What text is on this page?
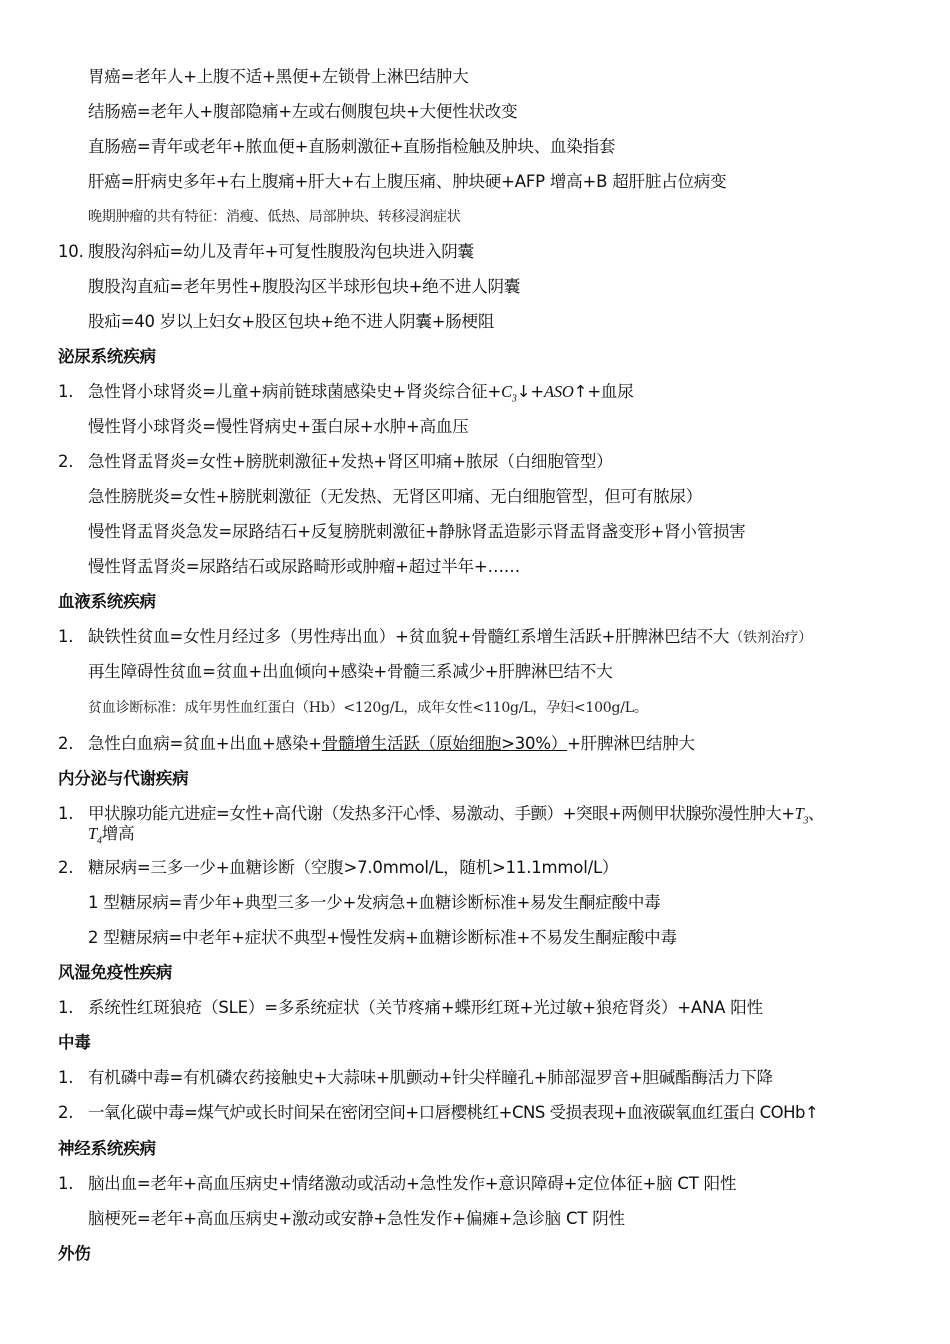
胃癌=老年人+上腹不适+黑便+左锁骨上淋巴结肿大
结肠癌=老年人+腹部隐痛+左或右侧腹包块+大便性状改变
直肠癌=青年或老年+脓血便+直肠刺激征+直肠指检触及肿块、血染指套
肝癌=肝病史多年+右上腹痛+肝大+右上腹压痛、肿块硬+AFP 增高+B 超肝脏占位病变
晚期肿瘤的共有特征：消瘦、低热、局部肿块、转移浸润症状
10. 腹股沟斜疝=幼儿及青年+可复性腹股沟包块进入阴囊
腹股沟直疝=老年男性+腹股沟区半球形包块+绝不进人阴囊
股疝=40 岁以上妇女+股区包块+绝不进人阴囊+肠梗阻
泌尿系统疾病
1. 急性肾小球肾炎=儿童+病前链球菌感染史+肾炎综合征$+C_3↓+ASO↑+$血尿
慢性肾小球肾炎=慢性肾病史+蛋白尿+水肿+高血压
2. 急性肾盂肾炎=女性+膀胱刺激征+发热+肾区叩痛+脓尿（白细胞管型）
急性膀胱炎=女性+膀胱刺激征（无发热、无肾区叩痛、无白细胞管型，但可有脓尿）
慢性肾盂肾炎急发=尿路结石+反复膀胱刺激征+静脉肾盂造影示肾盂肾盏变形+肾小管损害
慢性肾盂肾炎=尿路结石或尿路畸形或肿瘤+超过半年+……
血液系统疾病
1. 缺铁性贫血=女性月经过多（男性痔出血）+贫血貌+骨髓红系增生活跃+肝脾淋巴结不大（铁剂治疗）
再生障碍性贫血=贫血+出血倾向+感染+骨髓三系减少+肝脾淋巴结不大
贫血诊断标准：成年男性血红蛋白（Hb）<120g/L，成年女性<110g/L，孕妇<100g/L。
2. 急性白血病=贫血+出血+感染+骨髓增生活跃（原始细胞>30%）+肝脾淋巴结肿大
内分泌与代谢疾病
1. 甲状腺功能亢进症=女性+高代谢（发热多汗心悸、易激动、手颤）+突眼+两侧甲状腺弥漫性肿大$+T_3$、
$T_4$增高
2. 糖尿病=三多一少+血糖诊断（空腹>7.0mmol/L，随机>11.1mmol/L）
1 型糖尿病=青少年+典型三多一少+发病急+血糖诊断标准+易发生酮症酸中毒
2 型糖尿病=中老年+症状不典型+慢性发病+血糖诊断标准+不易发生酮症酸中毒
风湿免疫性疾病
1. 系统性红斑狼疮（SLE）=多系统症状（关节疼痛+蝶形红斑+光过敏+狼疮肾炎）+ANA 阳性
中毒
1. 有机磷中毒=有机磷农药接触史+大蒜味+肌颤动+针尖样瞳孔+肺部湿罗音+胆碱酯酶活力下降
2. 一氧化碳中毒=煤气炉或长时间呆在密闭空间+口唇樱桃红+CNS 受损表现+血液碳氧血红蛋白 COHb↑
神经系统疾病
1. 脑出血=老年+高血压病史+情绪激动或活动+急性发作+意识障碍+定位体征+脑 CT 阳性
脑梗死=老年+高血压病史+激动或安静+急性发作+偏瘫+急诊脑 CT 阴性
外伤
